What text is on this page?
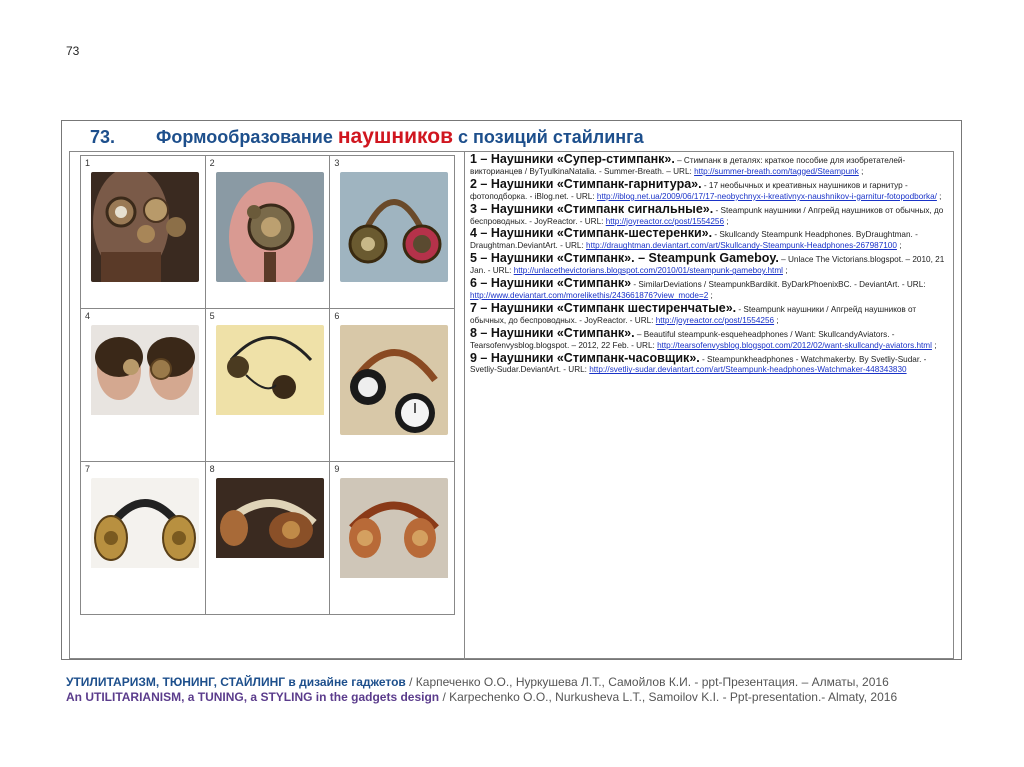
73
73. Формообразование наушников с позиций стайлинга
1	2	3

4	5	6

7	8	9
1 – Наушники «Супер-стимпанк». – Стимпанк в деталях: краткое пособие для изобретателей-викторианцев / ByTyulkinaNatalia. - Summer-Breath. – URL: http://summer-breath.com/tagged/Steampunk ;
2 – Наушники «Стимпанк-гарнитура». - 17 необычных и креативных наушников и гарнитур - фотоподборка. - iBlog.net. - URL: http://iblog.net.ua/2009/06/17/17-neobychnyx-i-kreativnyx-naushnikov-i-garnitur-fotopodborka/ ;
3 – Наушники «Стимпанк сигнальные». - Steampunk наушники / Апгрейд наушников от обычных, до беспроводных. - JoyReactor. - URL: http://joyreactor.cc/post/1554256 ;
4 – Наушники «Стимпанк-шестеренки». - Skullcandy Steampunk Headphones. ByDraughtman. - Draughtman.DeviantArt. - URL: http://draughtman.deviantart.com/art/Skullcandy-Steampunk-Headphones-267987100 ;
5 – Наушники «Стимпанк». – Steampunk Gameboy. – Unlace The Victorians.blogspot. – 2010, 21 Jan. - URL: http://unlacethevictorians.blogspot.com/2010/01/steampunk-gameboy.html ;
6 – Наушники «Стимпанк» - SimilarDeviations / SteampunkBardikit. ByDarkPhoenixBC. - DeviantArt. - URL: http://www.deviantart.com/morelikethis/243661876?view_mode=2 ;
7 – Наушники «Стимпанк шестиренчатые». - Steampunk наушники / Апгрейд наушников от обычных, до беспроводных. - JoyReactor. - URL: http://joyreactor.cc/post/1554256 ;
8 – Наушники «Стимпанк». – Beautiful steampunk-esqueheadphones / Want: SkullcandyAviators. - Tearsofenvysblog.blogspot. – 2012, 22 Feb. - URL: http://tearsofenvysblog.blogspot.com/2012/02/want-skullcandy-aviators.html ;
9 – Наушники «Стимпанк-часовщик». - Steampunkheadphones - Watchmakerby. By Svetliy-Sudar. - Svetliy-Sudar.DeviantArt. - URL: http://svetliy-sudar.deviantart.com/art/Steampunk-headphones-Watchmaker-448343830
УТИЛИТАРИЗМ, ТЮНИНГ, СТАЙЛИНГ в дизайне гаджетов / Карпеченко О.О., Нуркушева Л.Т., Самойлов К.И. - ppt-Презентация. – Алматы, 2016
An UTILITARIANISM, a TUNING, a STYLING in the gadgets design / Karpechenko O.O., Nurkusheva L.T., Samoilov K.I. - Ppt-presentation.- Almaty, 2016
